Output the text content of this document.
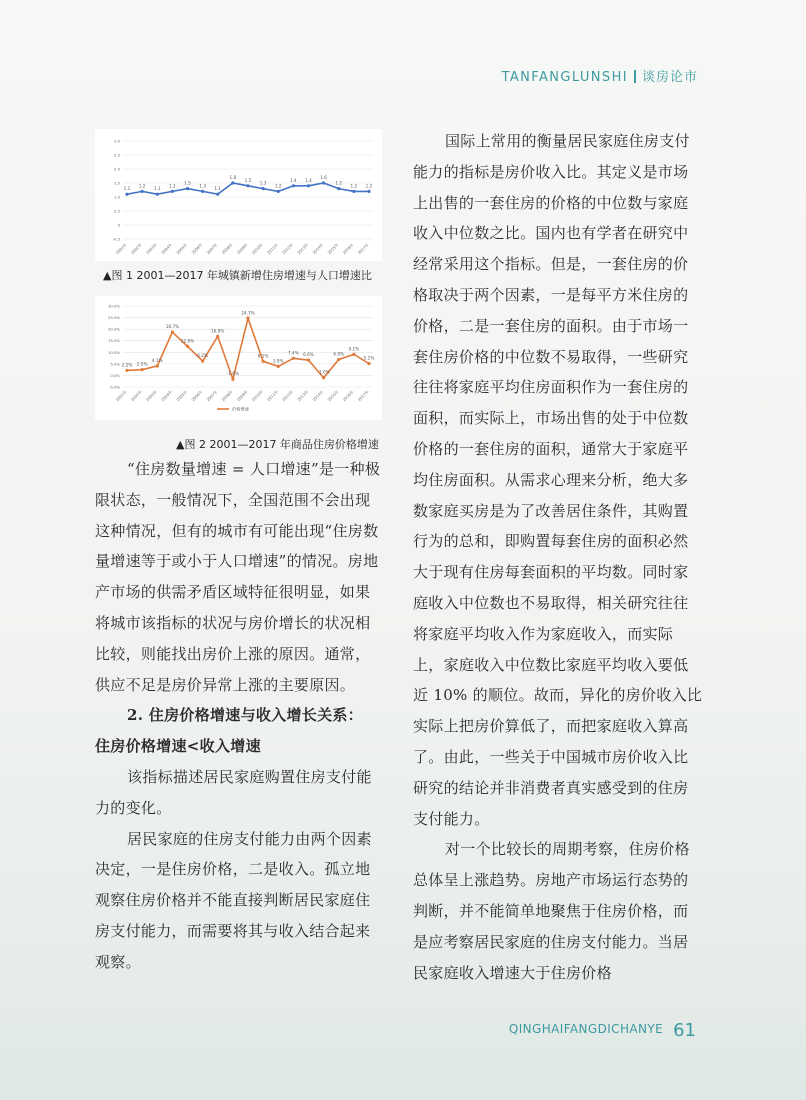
TANFANGLUNSHI 谈房论市
3.0
2.5
2.0
1.5
1.0
0.5
0
-0.5
2001年 2002年 2003年 2004年 2005年 2006年 2007年 2008年 2009年 2010年 2011年 2012年 2013年 2014年 2015年 2016年 2017年
1.1
1.2
1.1
1.2
1.5
1.3
1.1
1.8
1.5
1.3
1.2
1.4 1.4
1.6
1.2
1.2 1.2
▲图 1 2001—2017 年城镇新增住房增速与人口增速比
30.0%
25.0%
20.0%
15.0%
10.0%
5.0%
0.0%
-5.0%
2001年 2002年 2003年 2004年 2005年 2006年 2007年 2008年 2009年 2010年 2011年 2012年 2013年 2014年 2015年 2016年 2017年
2.2% 2.5%
4.1%
18.7%
12.6%
6.2%
16.9%
-1.6%
24.7%
6.1%
3.9%
7.4% 6.6%
-1.0%
6.9%
9.1%
5.1%
价格增速
▲图 2 2001—2017 年商品住房价格增速

“住房数量增速 = 人口增速”是一种极限状态，一般情况下，全国范围不会出现这种情况，但有的城市有可能出现“住房数量增速等于或小于人口增速”的情况。房地产市场的供需矛盾区域特征很明显，如果将城市该指标的状况与房价增长的状况相比较，则能找出房价上涨的原因。通常，供应不足是房价异常上涨的主要原因。

2. 住房价格增速与收入增长关系：

住房价格增速<收入增速

该指标描述居民家庭购置住房支付能力的变化。

居民家庭的住房支付能力由两个因素决定，一是住房价格，二是收入。孤立地观察住房价格并不能直接判断居民家庭住房支付能力，而需要将其与收入结合起来观察。

国际上常用的衡量居民家庭住房支付能力的指标是房价收入比。其定义是市场上出售的一套住房的价格的中位数与家庭收入中位数之比。国内也有学者在研究中经常采用这个指标。但是，一套住房的价格取决于两个因素，一是每平方米住房的价格，二是一套住房的面积。由于市场一套住房价格的中位数不易取得，一些研究往往将家庭平均住房面积作为一套住房的面积，而实际上，市场出售的处于中位数价格的一套住房的面积，通常大于家庭平均住房面积。从需求心理来分析，绝大多数家庭买房是为了改善居住条件，其购置行为的总和，即购置每套住房的面积必然大于现有住房每套面积的平均数。同时家庭收入中位数也不易取得，相关研究往往将家庭平均收入作为家庭收入，而实际上，家庭收入中位数比家庭平均收入要低近 10% 的顺位。故而，异化的房价收入比实际上把房价算低了，而把家庭收入算高了。由此，一些关于中国城市房价收入比研究的结论并非消费者真实感受到的住房支付能力。

对一个比较长的周期考察，住房价格总体呈上涨趋势。房地产市场运行态势的判断，并不能简单地聚焦于住房价格，而是应考察居民家庭的住房支付能力。当居民家庭收入增速大于住房价格

QINGHAIFANGDICHANYE 61
